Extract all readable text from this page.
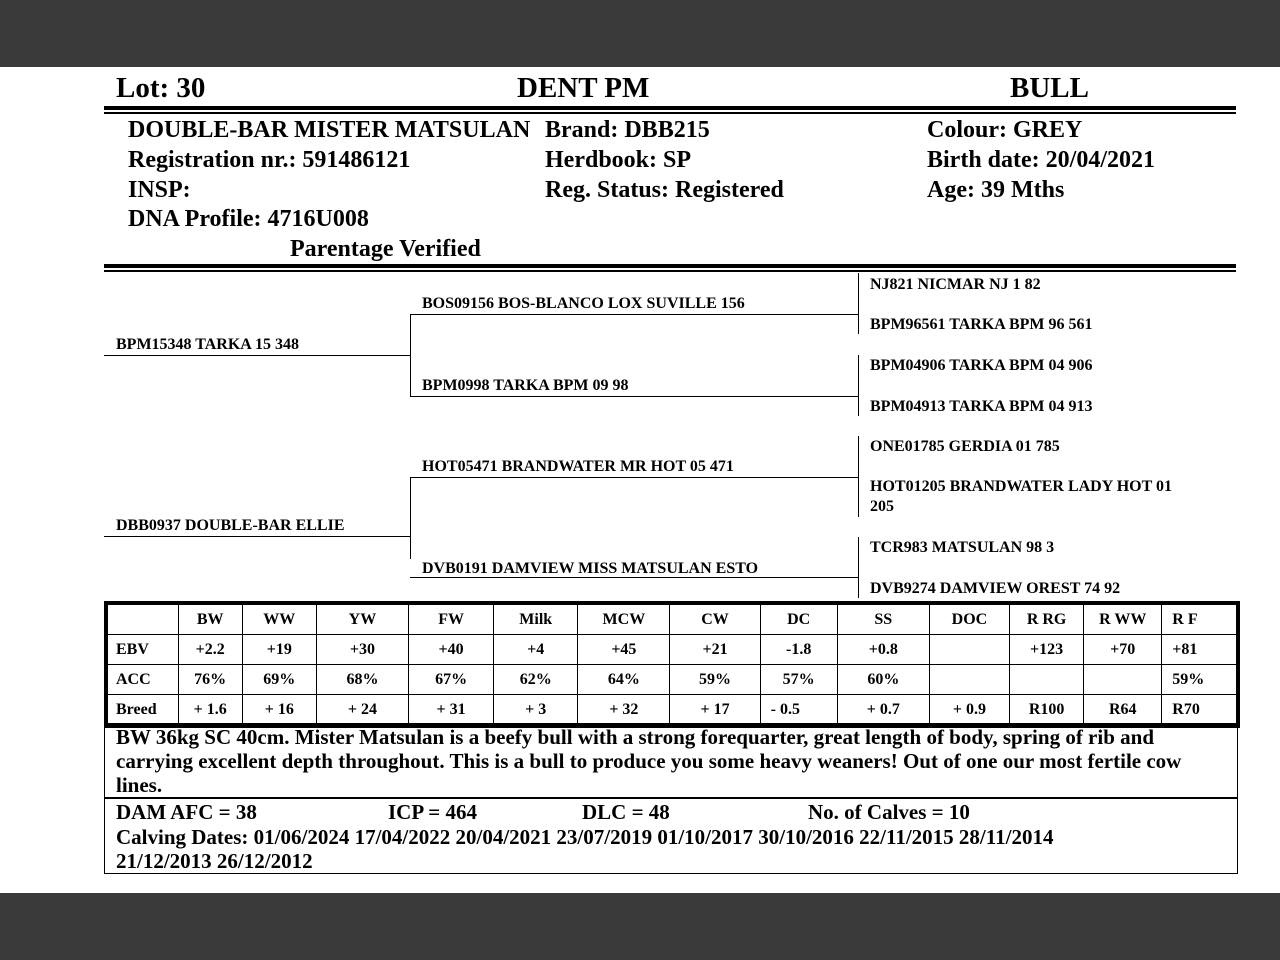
Lot: 30	DENT PM	BULL
DOUBLE-BAR MISTER MATSULAN
Registration nr.: 591486121
INSP:
DNA Profile: 4716U008
Parentage Verified
Brand: DBB215
Herdbook: SP
Reg. Status: Registered
Colour: GREY
Birth date: 20/04/2021
Age: 39 Mths
BPM15348 TARKA 15 348
DBB0937 DOUBLE-BAR ELLIE
BOS09156 BOS-BLANCO LOX SUVILLE 156
BPM0998 TARKA BPM 09 98
HOT05471 BRANDWATER MR HOT 05 471
DVB0191 DAMVIEW MISS MATSULAN ESTO
NJ821 NICMAR NJ 1 82
BPM96561 TARKA BPM 96 561
BPM04906 TARKA BPM 04 906
BPM04913 TARKA BPM 04 913
ONE01785 GERDIA 01 785
HOT01205 BRANDWATER LADY HOT 01
205
TCR983 MATSULAN 98 3
DVB9274 DAMVIEW OREST 74 92
	BW	WW	YW	FW	Milk	MCW	CW	DC	SS	DOC	R RG	R WW	R F
EBV	+2.2	+19	+30	+40	+4	+45	+21	-1.8	+0.8		+123	+70	+81
ACC	76%	69%	68%	67%	62%	64%	59%	57%	60%				59%
Breed	+ 1.6	+ 16	+ 24	+ 31	+ 3	+ 32	+ 17	- 0.5	+ 0.7	+ 0.9	R100	R64	R70
BW 36kg SC 40cm. Mister Matsulan is a beefy bull with a strong forequarter, great length of body, spring of rib and
carrying excellent depth throughout. This is a bull to produce you some heavy weaners! Out of one our most fertile cow
lines.
DAM AFC = 38	ICP = 464	DLC = 48	No. of Calves = 10
Calving Dates: 01/06/2024 17/04/2022 20/04/2021 23/07/2019 01/10/2017 30/10/2016 22/11/2015 28/11/2014
21/12/2013 26/12/2012
